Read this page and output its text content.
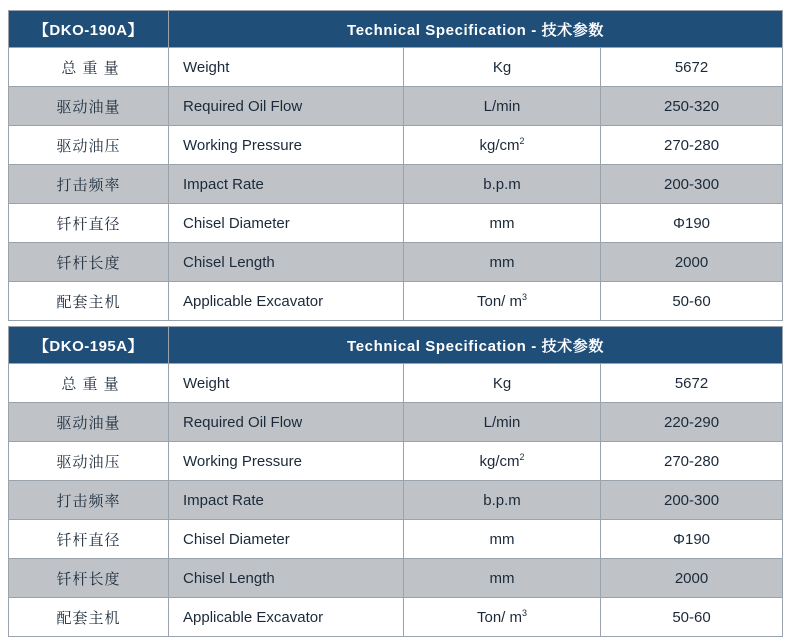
【DKO-190A】	Technical Specification - 技术参数		
总 重 量	Weight	Kg	5672
驱动油量	Required Oil Flow	L/min	250-320
驱动油压	Working Pressure	$kg/cm^2$	270-280
打击频率	Impact Rate	b.p.m	200-300
钎杆直径	Chisel Diameter	mm	Φ190
钎杆长度	Chisel Length	mm	2000
配套主机	Applicable Excavator	Ton/ $m^3$	50-60
【DKO-195A】	Technical Specification - 技术参数		
总 重 量	Weight	Kg	5672
驱动油量	Required Oil Flow	L/min	220-290
驱动油压	Working Pressure	$kg/cm^2$	270-280
打击频率	Impact Rate	b.p.m	200-300
钎杆直径	Chisel Diameter	mm	Φ190
钎杆长度	Chisel Length	mm	2000
配套主机	Applicable Excavator	Ton/ $m^3$	50-60
